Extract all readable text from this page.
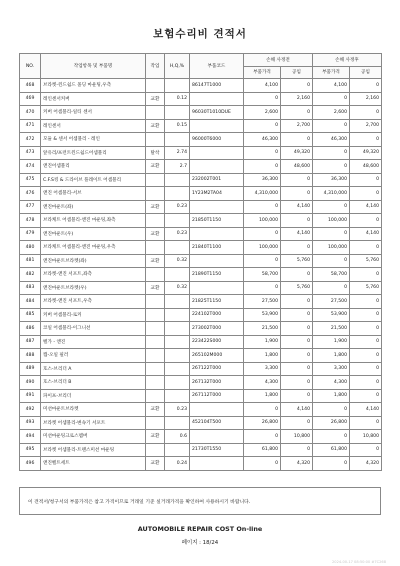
보험수리비 견적서
NO.	작업항목 및 부품명	작업	H,Q,%	부품코드	손해 사정전		손해 사정후	
					부품가격	공임	부품가격	공임
468	브라켓-윈드쉴드 몰딩 마운팅,우측			86147T1000	4,100	0	4,100	0
469	레인센서커버	교환	0.12		0	2,160	0	2,160
470	커버 어셈블리-일티 센서			96030T1010DUE	2,600	0	2,600	0
471	레인센서	교환	0.15		0	2,700	0	2,700
472	모듈 & 센서 어셈블리 - 레인			96000T6000	46,300	0	46,300	0
473	앞유리/프런트윈드쉴드어셈블리	탈착	2.74		0	49,320	0	49,320
474	앤진어셈블리	교환	2.7		0	48,600	0	48,600
475	C.F.S킹 & 드라이브 플레이트 어셈블리			232002T001	36,300	0	36,300	0
476	앤진 어셈블리-서브			1Y23M2TA04	4,310,000	0	4,310,000	0
477	앤진마운트(좌)	교환	0.23		0	4,140	0	4,140
478	브라케트 어셈블리-앤진 마운팅,좌측			21850T1150	100,000	0	100,000	0
479	앤진마운트(우)	교환	0.23		0	4,140	0	4,140
480	브라케트 어셈블리-앤진 마운팅,우측			21840T1100	100,000	0	100,000	0
481	앤진마운트브라켓(좌)	교환	0.32		0	5,760	0	5,760
482	브라켓-앤진 서포트,좌측			21890T1150	58,700	0	58,700	0
483	앤진마운트브라켓(우)	교환	0.32		0	5,760	0	5,760
484	브라켓-앤진 서포트,우측			21825T1150	27,500	0	27,500	0
485	커버 어셈블리-로커			224102T000	53,900	0	53,900	0
486	코일 어셈블리-이그니션			273002T000	21,500	0	21,500	0
487	벨가 - 앤진			223422S000	1,900	0	1,900	0
488	캡-오일 필러			265102M000	1,800	0	1,800	0
489	호스-브리더 A			267122T000	3,300	0	3,300	0
490	호스-브리더 B			267132T000	4,300	0	4,300	0
491	파이프-브리더			267112T000	1,800	0	1,800	0
492	미션마운트브라켓	교환	0.23		0	4,140	0	4,140
493	브라켓 어셈블리-변속기 서포트			452104T500	26,800	0	26,800	0
494	미션마운팅크로스멤버	교환	0.6		0	10,800	0	10,800
495	브라켓 어셈블리-트랜스미션 마운팅			21730T1550	61,800	0	61,800	0
496	앤진벨트세트	교환	0.24		0	4,320	0	4,320
이 견적서/청구서의 부품가격은 참고 가격이므로 거래일 기준 실거래가격을 확인하여 사용하시기 바랍니다.
AUTOMOBILE REPAIR COST On-line
페이지 : 18/24
2024-00-17 08:50:00 #7C268
